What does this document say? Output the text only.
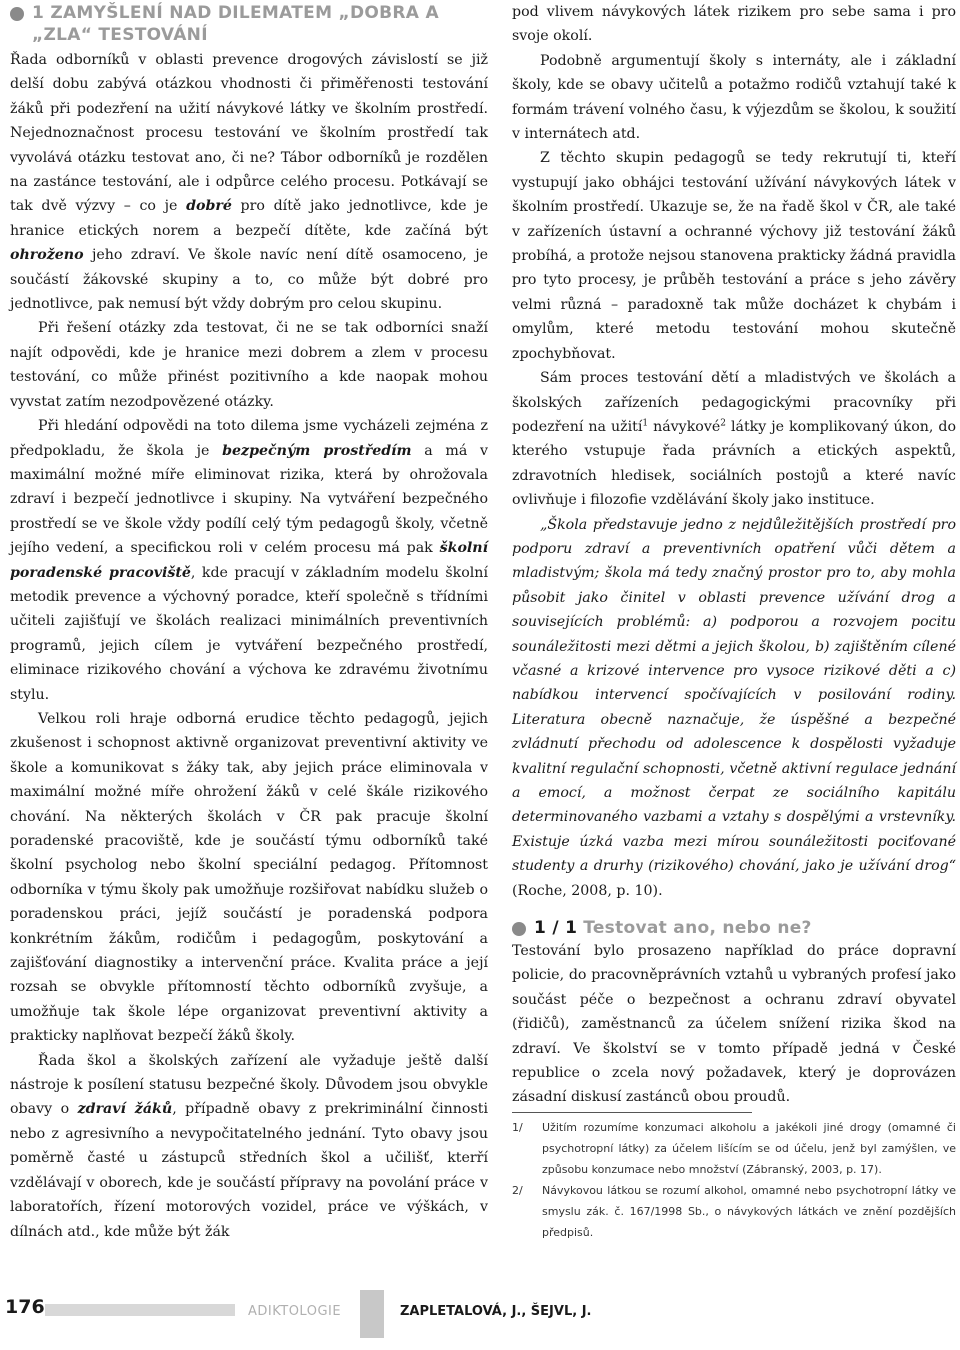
1 ZAMYŠLENÍ NAD DILEMATEM „DOBRA A „ZLA“ TESTOVÁNÍ

Řada odborníků v oblasti prevence drogových závislostí se již delší dobu zabývá otázkou vhodnosti či přiměřenosti testování žáků při podezření na užití návykové látky ve školním prostředí. Nejednoznačnost procesu testování ve školním prostředí tak vyvolává otázku testovat ano, či ne? Tábor odborníků je rozdělen na zastánce testování, ale i odpůrce celého procesu. Potkávají se tak dvě výzvy – co je dobré pro dítě jako jednotlivce, kde je hranice etických norem a bezpečí dítěte, kde začíná být ohroženo jeho zdraví. Ve škole navíc není dítě osamoceno, je součástí žákovské skupiny a to, co může být dobré pro jednotlivce, pak nemusí být vždy dobrým pro celou skupinu.

Při řešení otázky zda testovat, či ne se tak odborníci snaží najít odpovědi, kde je hranice mezi dobrem a zlem v procesu testování, co může přinést pozitivního a kde naopak mohou vyvstat zatím nezodpovězené otázky.

Při hledání odpovědi na toto dilema jsme vycházeli zejména z předpokladu, že škola je bezpečným prostředím a má v maximální možné míře eliminovat rizika, která by ohrožovala zdraví i bezpečí jednotlivce i skupiny. Na vytváření bezpečného prostředí se ve škole vždy podílí celý tým pedagogů školy, včetně jejího vedení, a specifickou roli v celém procesu má pak školní poradenské pracoviště, kde pracují v základním modelu školní metodik prevence a výchovný poradce, kteří společně s třídními učiteli zajišťují ve školách realizaci minimálních preventivních programů, jejich cílem je vytváření bezpečného prostředí, eliminace rizikového chování a výchova ke zdravému životnímu stylu.

Velkou roli hraje odborná erudice těchto pedagogů, jejich zkušenost i schopnost aktivně organizovat preventivní aktivity ve škole a komunikovat s žáky tak, aby jejich práce eliminovala v maximální možné míře ohrožení žáků v celé škále rizikového chování. Na některých školách v ČR pak pracuje školní poradenské pracoviště, kde je součástí týmu odborníků také školní psycholog nebo školní speciální pedagog. Přítomnost odborníka v týmu školy pak umožňuje rozšiřovat nabídku služeb o poradenskou práci, jejíž součástí je poradenská podpora konkrétním žákům, rodičům i pedagogům, poskytování a zajišťování diagnostiky a intervenční práce. Kvalita práce a její rozsah se obvykle přítomností těchto odborníků zvyšuje, a umožňuje tak škole lépe organizovat preventivní aktivity a prakticky naplňovat bezpečí žáků školy.

Řada škol a školských zařízení ale vyžaduje ještě další nástroje k posílení statusu bezpečné školy. Důvodem jsou obvykle obavy o zdraví žáků, případně obavy z prekriminální činnosti nebo z agresivního a nevypočitatelného jednání. Tyto obavy jsou poměrně časté u zástupců středních škol a učilišť, kterří vzdělávají v oborech, kde je součástí přípravy na povolání práce v laboratořích, řízení motorových vozidel, práce ve výškách, v dílnách atd., kde může být žák

pod vlivem návykových látek rizikem pro sebe sama i pro svoje okolí.

Podobně argumentují školy s internáty, ale i základní školy, kde se obavy učitelů a potažmo rodičů vztahují také k formám trávení volného času, k výjezdům se školou, k soužití v internátech atd.

Z těchto skupin pedagogů se tedy rekrutují ti, kteří vystupují jako obhájci testování užívání návykových látek v školním prostředí. Ukazuje se, že na řadě škol v ČR, ale také v zařízeních ústavní a ochranné výchovy již testování žáků probíhá, a protože nejsou stanovena prakticky žádná pravidla pro tyto procesy, je průběh testování a práce s jeho závěry velmi různá – paradoxně tak může docházet k chybám i omylům, které metodu testování mohou skutečně zpochybňovat.

Sám proces testování dětí a mladistvých ve školách a školských zařízeních pedagogickými pracovníky při podezření na užití$^1$ návykové$^2$ látky je komplikovaný úkon, do kterého vstupuje řada právních a etických aspektů, zdravotních hledisek, sociálních postojů a které navíc ovlivňuje i filozofie vzdělávání školy jako instituce.

„Škola představuje jedno z nejdůležitějších prostředí pro podporu zdraví a preventivních opatření vůči dětem a mladistvým; škola má tedy značný prostor pro to, aby mohla působit jako činitel v oblasti prevence užívání drog a souvisejících problémů: a) podporou a rozvojem pocitu sounáležitosti mezi dětmi a jejich školou, b) zajištěním cílené včasné a krizové intervence pro vysoce rizikové děti a c) nabídkou intervencí spočívajících v posilování rodiny. Literatura obecně naznačuje, že úspěšné a bezpečné zvládnutí přechodu od adolescence k dospělosti vyžaduje kvalitní regulační schopnosti, včetně aktivní regulace jednání a emocí, a možnost čerpat ze sociálního kapitálu determinovaného vazbami a vztahy s dospělými a vrstevníky. Existuje úzká vazba mezi mírou sounáležitosti pociťované studenty a drurhy (rizikového) chování, jako je užívání drog“ (Roche, 2008, p. 10).

1 / 1 Testovat ano, nebo ne?

Testování bylo prosazeno například do práce dopravní policie, do pracovněprávních vztahů u vybraných profesí jako součást péče o bezpečnost a ochranu zdraví obyvatel (řidičů), zaměstnanců za účelem snížení rizika škod na zdraví. Ve školství se v tomto případě jedná v České republice o zcela nový požadavek, který je doprovázen zásadní diskusí zastánců obou proudů.

1/	Užitím rozumíme konzumaci alkoholu a jakékoli jiné drogy (omamné či psychotropní látky) za účelem lišícím se od účelu, jenž byl zamýšlen, ve způsobu konzumace nebo množství (Zábranský, 2003, p. 17).
2/	Návykovou látkou se rozumí alkohol, omamné nebo psychotropní látky ve smyslu zák. č. 167/1998 Sb., o návykových látkách ve znění pozdějších předpisů.
176	ADIKTOLOGIE	ZAPLETALOVÁ, J., ŠEJVL, J.
